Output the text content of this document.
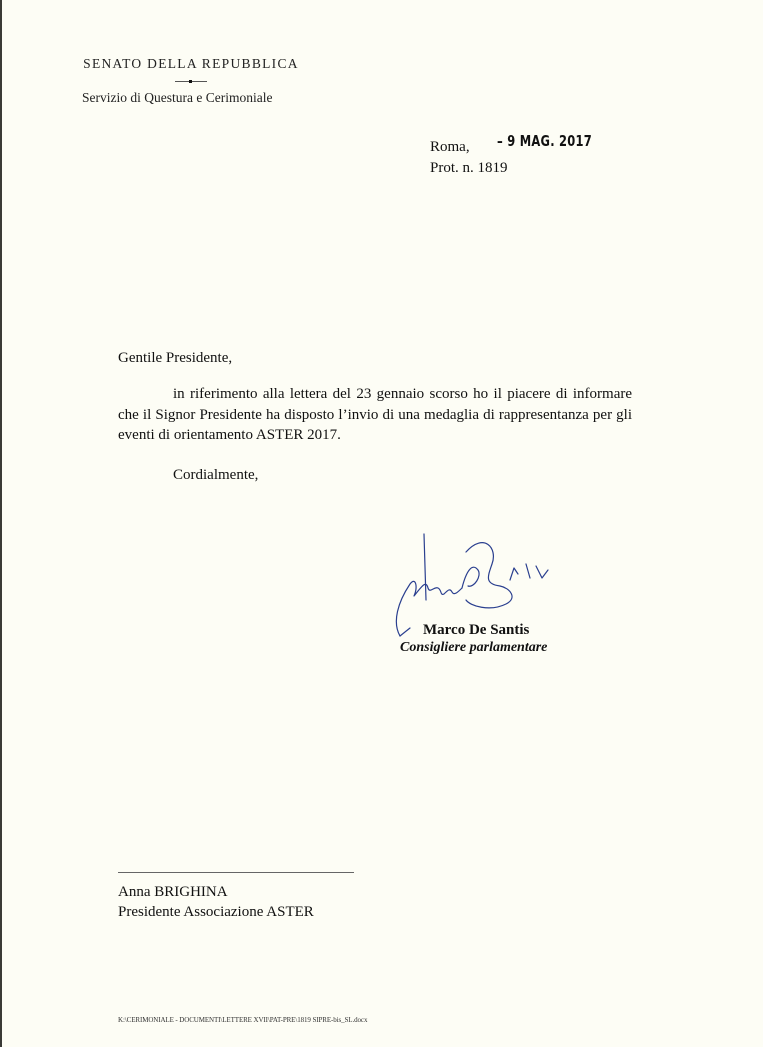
SENATO DELLA REPUBBLICA
Servizio di Questura e Cerimoniale
Roma, – 9 MAG. 2017
Prot. n. 1819
Gentile Presidente,
in riferimento alla lettera del 23 gennaio scorso ho il piacere di informare che il Signor Presidente ha disposto l’invio di una medaglia di rappresentanza per gli eventi di orientamento ASTER 2017.
Cordialmente,
Marco De Santis
Consigliere parlamentare
Anna BRIGHINA
Presidente Associazione ASTER
K:\CERIMONIALE - DOCUMENTI\LETTERE XVII\PAT-PRE\1819 SIPRE-bis_SL.docx
